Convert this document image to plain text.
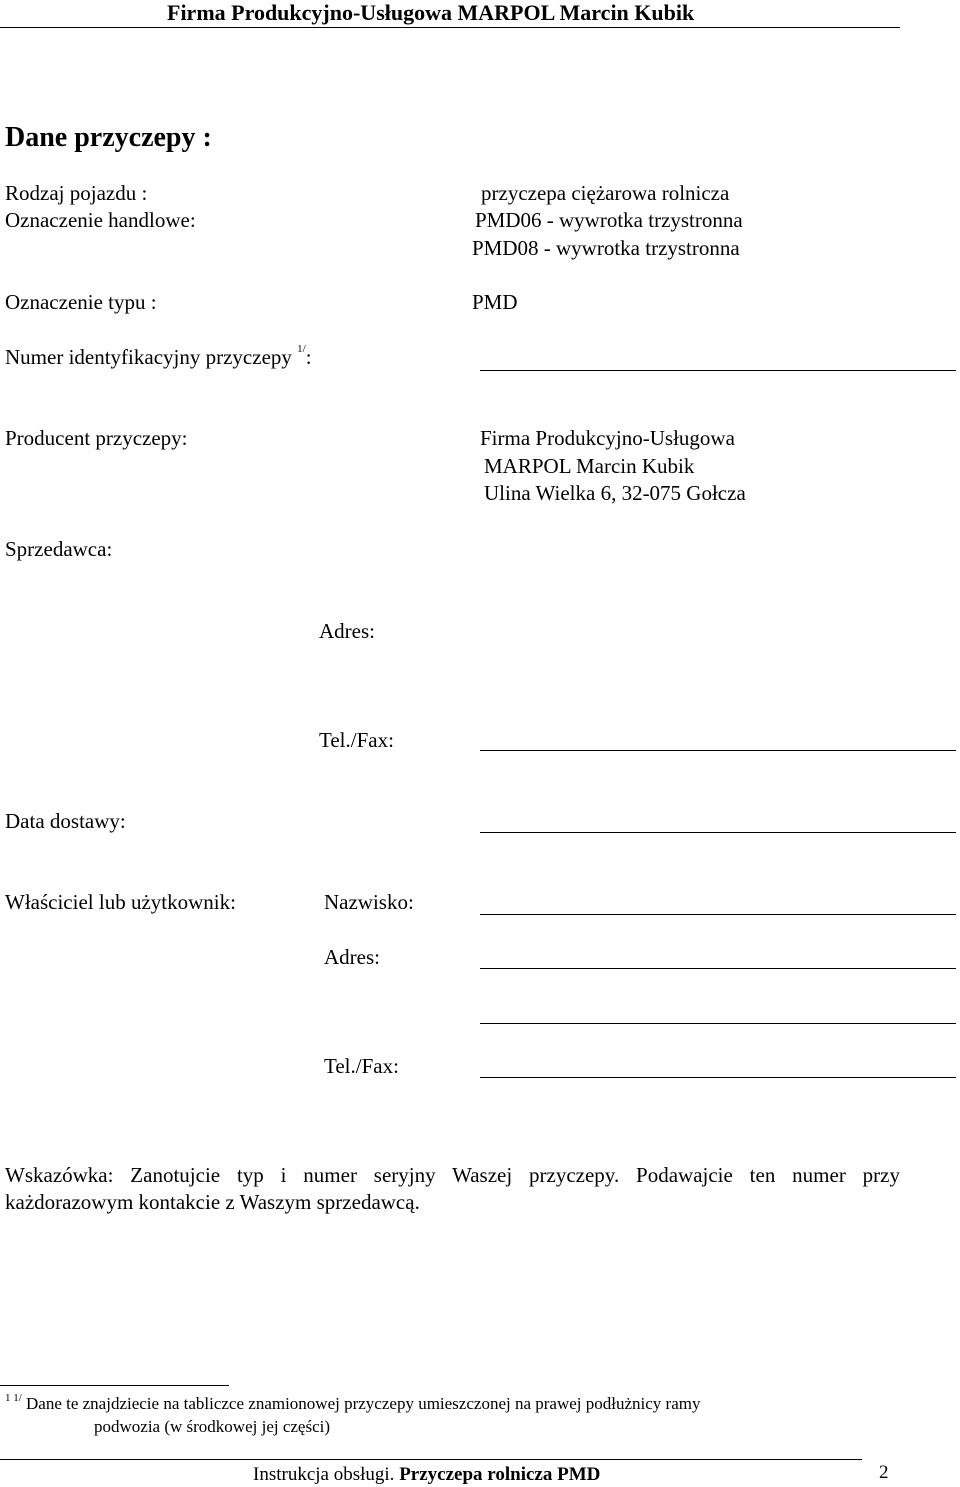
Firma Produkcyjno-Usługowa MARPOL Marcin Kubik
Dane przyczepy :
Rodzaj pojazdu :	przyczepa ciężarowa rolnicza
Oznaczenie handlowe:	PMD06 - wywrotka trzystronna
PMD08 - wywrotka trzystronna
Oznaczenie typu :	PMD
Numer identyfikacyjny przyczepy $^{1/}$:
Producent przyczepy:	Firma Produkcyjno-Usługowa
MARPOL Marcin Kubik
Ulina Wielka 6, 32-075 Gołcza
Sprzedawca:
Adres:
Tel./Fax:
Data dostawy:
Właściciel lub użytkownik:	Nazwisko:
Adres:
Tel./Fax:
Wskazówka: Zanotujcie typ i numer seryjny Waszej przyczepy. Podawajcie ten numer przy
każdorazowym kontakcie z Waszym sprzedawcą.
1 1/ Dane te znajdziecie na tabliczce znamionowej przyczepy umieszczonej na prawej podłużnicy ramy
podwozia (w środkowej jej części)
Instrukcja obsługi. Przyczepa rolnicza PMD	2
